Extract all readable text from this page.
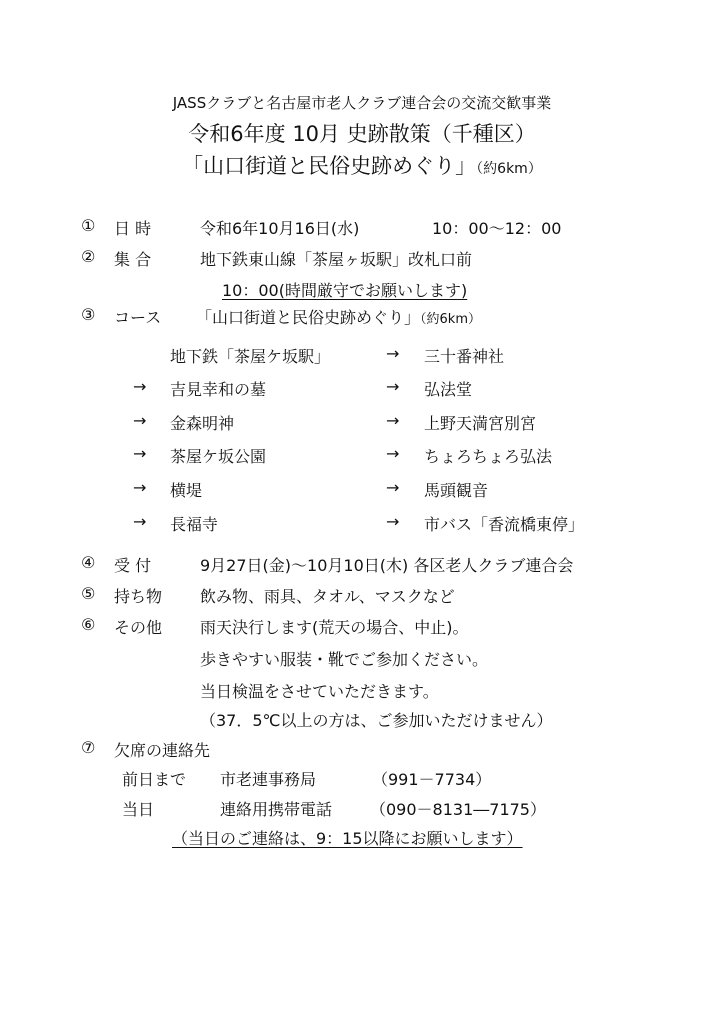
JASSクラブと名古屋市老人クラブ連合会の交流交歓事業
令和6年度 10月 史跡散策（千種区）
「山口街道と民俗史跡めぐり」（約6km）
① 日 時	令和6年10月16日(水)	10：00～12：00
② 集 合	地下鉄東山線「茶屋ヶ坂駅」改札口前
10：00(時間厳守でお願いします)
③ コース 「山口街道と民俗史跡めぐり」（約6km）
地下鉄「茶屋ケ坂駅」	→ 三十番神社
→ 吉見幸和の墓	→ 弘法堂
→ 金森明神	→ 上野天満宮別宮
→ 茶屋ケ坂公園	→ ちょろちょろ弘法
→ 横堤	→ 馬頭観音
→ 長福寺	→ 市バス「香流橋東停」
④ 受 付	9月27日(金)～10月10日(木) 各区老人クラブ連合会
⑤ 持ち物 飲み物、雨具、タオル、マスクなど
⑥ その他 雨天決行します(荒天の場合、中止)。
歩きやすい服装・靴でご参加ください。
当日検温をさせていただきます。
（37．5℃以上の方は、ご参加いただけません）
⑦ 欠席の連絡先
前日まで 市老連事務局	（991－7734）
当日	連絡用携帯電話 （090－8131―7175）
（当日のご連絡は、9：15以降にお願いします）
